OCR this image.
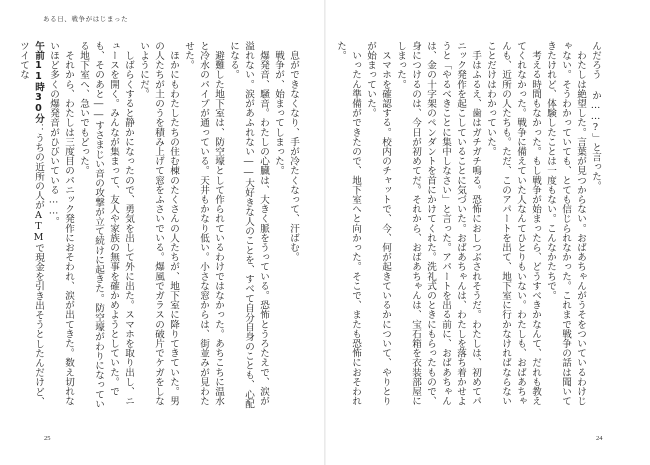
ある日、戦争がはじまった

　息ができなくなり、手が冷たくなって、汗ばむ。

　戦争が、始まってしまった。

　爆発音、騒音。わたしの心臓は、大きく脈をうっている。恐怖とうろたえで、涙が溢れない。涙があふれない――大好きな人のことを、すべて自分自身のことも、心配になる。

　避難した地下室は、防空壕として作られているわけではなかった。あちこちに温水と冷水のパイプが通っている。天井もかなり低い。小さな窓からは、街並みが見わたせた。

　ほかにもわたしたちの住む棟のたくさんの人たちが、地下室に降りてきていた。男の人たちが土のうを積み上げて窓をふさいでいる。爆風でガラスの破片でケガをしないようにだ。

　しばらくすると静かになったので、勇気を出して外に出た。スマホを取り出し、ニュースを開く。みんなが集まって、友人や家族の無事を確かめようとしていた。でも、そのあと――すさまじい音の攻撃が立て続けに起きた。防空壕がわりになっている地下室へ、急いでもどった。

　それから、わたしは三度目のパニック発作におそわれ、涙が出てきた。数え切れないほど多くの爆発音がひびいている……。

午前11時30分：うちの近所の人がATMで現金を引き出そうとしたんだけど、ツイてな	んだろう か……?」と言った。

　わたしは絶望した。言葉が見つからない。おばあちゃんがうそをついているわけじゃない。そうわかっていても、とても信じられなかった。これまで戦争の話は聞いてきたけれど、体験したことは一度もない。こんなかたちで。

　考える時間もなかった。もし戦争が始まったら、どうすべきかなんて、だれも教えてくれなかった。戦争に備えていた人なんてひとりもいない。わたしも、おばあちゃんも、近所の人たちも。ただ、このアパートを出て、地下室に行かなければならないことだけはわかっていた。

　手はふるえ、歯はガチガチ鳴る。恐怖におしつぶされそうだ。わたしは、初めてパニック発作を起こしていることに気づいた。おばあちゃんは、わたしを落ち着かせようと「やるべきことに集中しなさい」と言った。アパートを出る前に、おばあちゃんは、金の十字架のペンダントを首にかけてくれた。洗礼式のときにもらったもので、身につけるのは、今日が初めてだ。それから、おばあちゃんは、宝石箱を衣装部屋にしまった。

　スマホを確認する。校内のチャットで、今、何が起きているかについて、やりとりが始まっていた。

　いったん準備ができたので、地下室へと向かった。そこで、またも恐怖におそわれた。

25	24
